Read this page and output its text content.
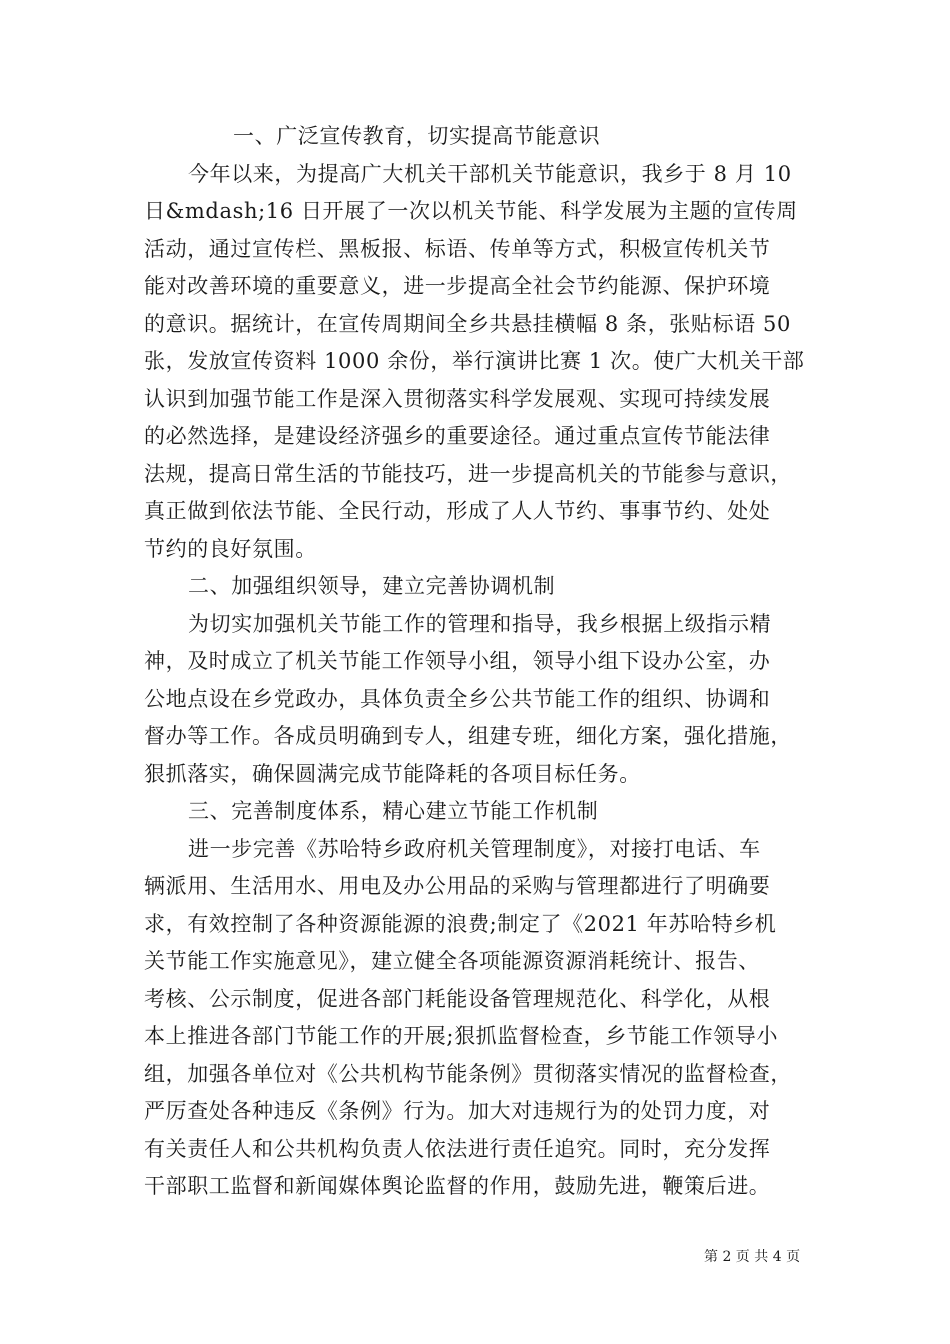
一、广泛宣传教育，切实提高节能意识
今年以来，为提高广大机关干部机关节能意识，我乡于 8 月 10
日&mdash;16 日开展了一次以机关节能、科学发展为主题的宣传周
活动，通过宣传栏、黑板报、标语、传单等方式，积极宣传机关节
能对改善环境的重要意义，进一步提高全社会节约能源、保护环境
的意识。据统计，在宣传周期间全乡共悬挂横幅 8 条，张贴标语 50
张，发放宣传资料 1000 余份，举行演讲比赛 1 次。使广大机关干部
认识到加强节能工作是深入贯彻落实科学发展观、实现可持续发展
的必然选择，是建设经济强乡的重要途径。通过重点宣传节能法律
法规，提高日常生活的节能技巧，进一步提高机关的节能参与意识，
真正做到依法节能、全民行动，形成了人人节约、事事节约、处处
节约的良好氛围。
二、加强组织领导，建立完善协调机制
为切实加强机关节能工作的管理和指导，我乡根据上级指示精
神，及时成立了机关节能工作领导小组，领导小组下设办公室，办
公地点设在乡党政办，具体负责全乡公共节能工作的组织、协调和
督办等工作。各成员明确到专人，组建专班，细化方案，强化措施，
狠抓落实，确保圆满完成节能降耗的各项目标任务。
三、完善制度体系，精心建立节能工作机制
进一步完善《苏哈特乡政府机关管理制度》，对接打电话、车
辆派用、生活用水、用电及办公用品的采购与管理都进行了明确要
求，有效控制了各种资源能源的浪费;制定了《2021 年苏哈特乡机
关节能工作实施意见》，建立健全各项能源资源消耗统计、报告、
考核、公示制度，促进各部门耗能设备管理规范化、科学化，从根
本上推进各部门节能工作的开展;狠抓监督检查，乡节能工作领导小
组，加强各单位对《公共机构节能条例》贯彻落实情况的监督检查，
严厉查处各种违反《条例》行为。加大对违规行为的处罚力度，对
有关责任人和公共机构负责人依法进行责任追究。同时，充分发挥
干部职工监督和新闻媒体舆论监督的作用，鼓励先进，鞭策后进。
第 2 页 共 4 页
